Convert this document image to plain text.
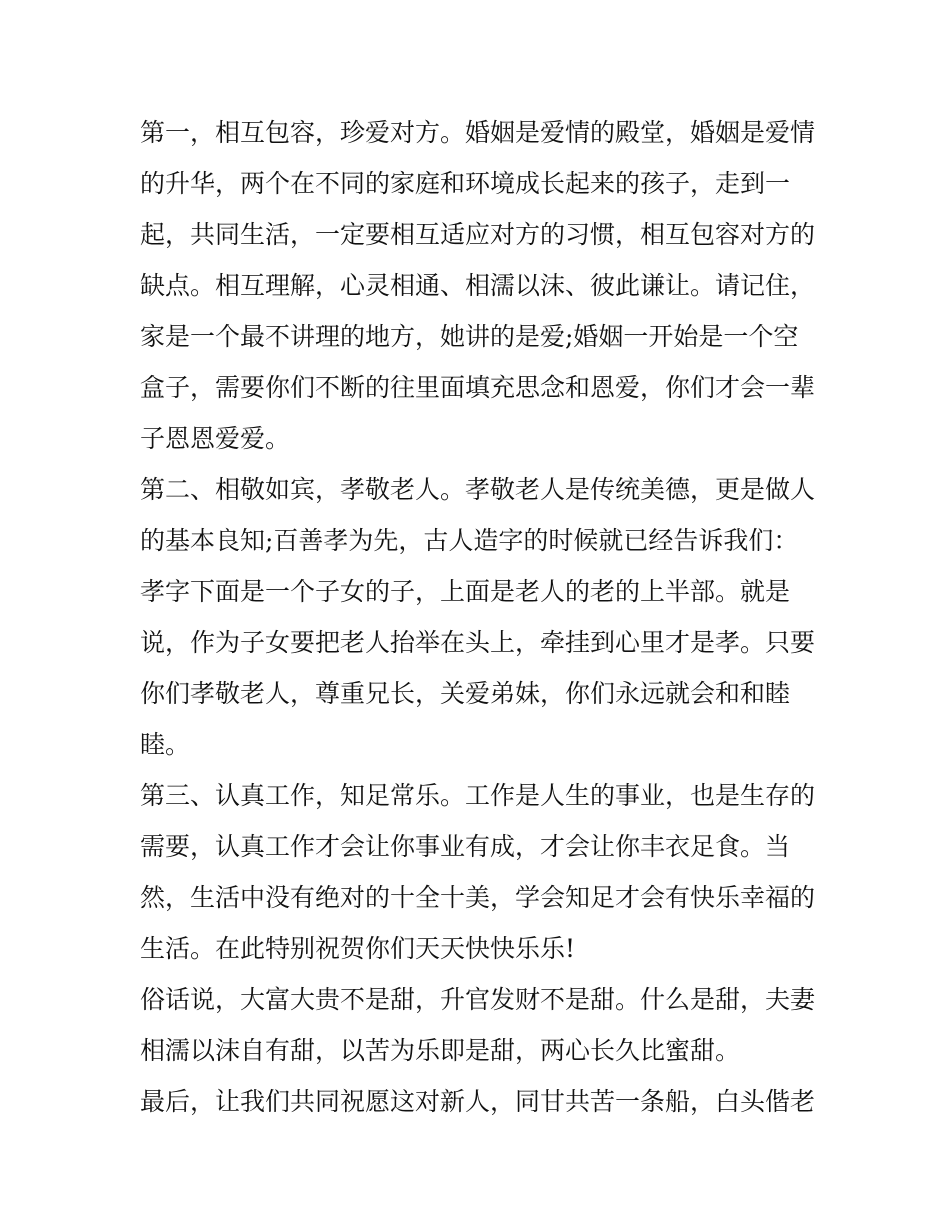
第一，相互包容，珍爱对方。婚姻是爱情的殿堂，婚姻是爱情
的升华，两个在不同的家庭和环境成长起来的孩子，走到一
起，共同生活，一定要相互适应对方的习惯，相互包容对方的
缺点。相互理解，心灵相通、相濡以沫、彼此谦让。请记住，
家是一个最不讲理的地方，她讲的是爱;婚姻一开始是一个空
盒子，需要你们不断的往里面填充思念和恩爱，你们才会一辈
子恩恩爱爱。
第二、相敬如宾，孝敬老人。孝敬老人是传统美德，更是做人
的基本良知;百善孝为先，古人造字的时候就已经告诉我们：
孝字下面是一个子女的子，上面是老人的老的上半部。就是
说，作为子女要把老人抬举在头上，牵挂到心里才是孝。只要
你们孝敬老人，尊重兄长，关爱弟妹，你们永远就会和和睦
睦。
第三、认真工作，知足常乐。工作是人生的事业，也是生存的
需要，认真工作才会让你事业有成，才会让你丰衣足食。当
然，生活中没有绝对的十全十美，学会知足才会有快乐幸福的
生活。在此特别祝贺你们天天快快乐乐!
俗话说，大富大贵不是甜，升官发财不是甜。什么是甜，夫妻
相濡以沫自有甜，以苦为乐即是甜，两心长久比蜜甜。
最后，让我们共同祝愿这对新人，同甘共苦一条船，白头偕老
